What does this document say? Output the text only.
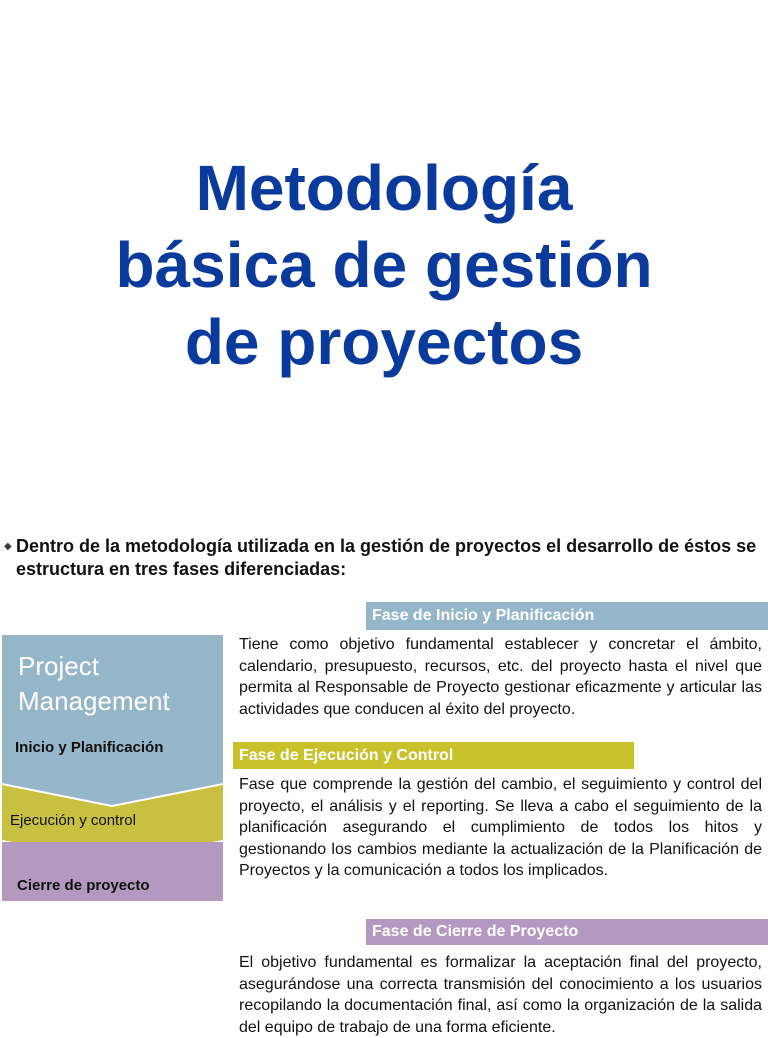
Metodología
básica de gestión
de proyectos
◆ Dentro de la metodología utilizada en la gestión de proyectos el desarrollo de éstos se estructura en tres fases diferenciadas:
Project
Management
Inicio y Planificación
Ejecución y control
Cierre de proyecto
Fase de Inicio y Planificación
Tiene como objetivo fundamental establecer y concretar el ámbito, calendario, presupuesto, recursos, etc. del proyecto hasta el nivel que permita al Responsable de Proyecto gestionar eficazmente y articular las actividades que conducen al éxito del proyecto.
Fase de Ejecución y Control
Fase que comprende la gestión del cambio, el seguimiento y control del proyecto, el análisis y el reporting. Se lleva a cabo el seguimiento de la planificación asegurando el cumplimiento de todos los hitos y gestionando los cambios mediante la actualización de la Planificación de Proyectos y la comunicación a todos los implicados.
Fase de Cierre de Proyecto
El objetivo fundamental es formalizar la aceptación final del proyecto, asegurándose una correcta transmisión del conocimiento a los usuarios recopilando la documentación final, así como la organización de la salida del equipo de trabajo de una forma eficiente.
